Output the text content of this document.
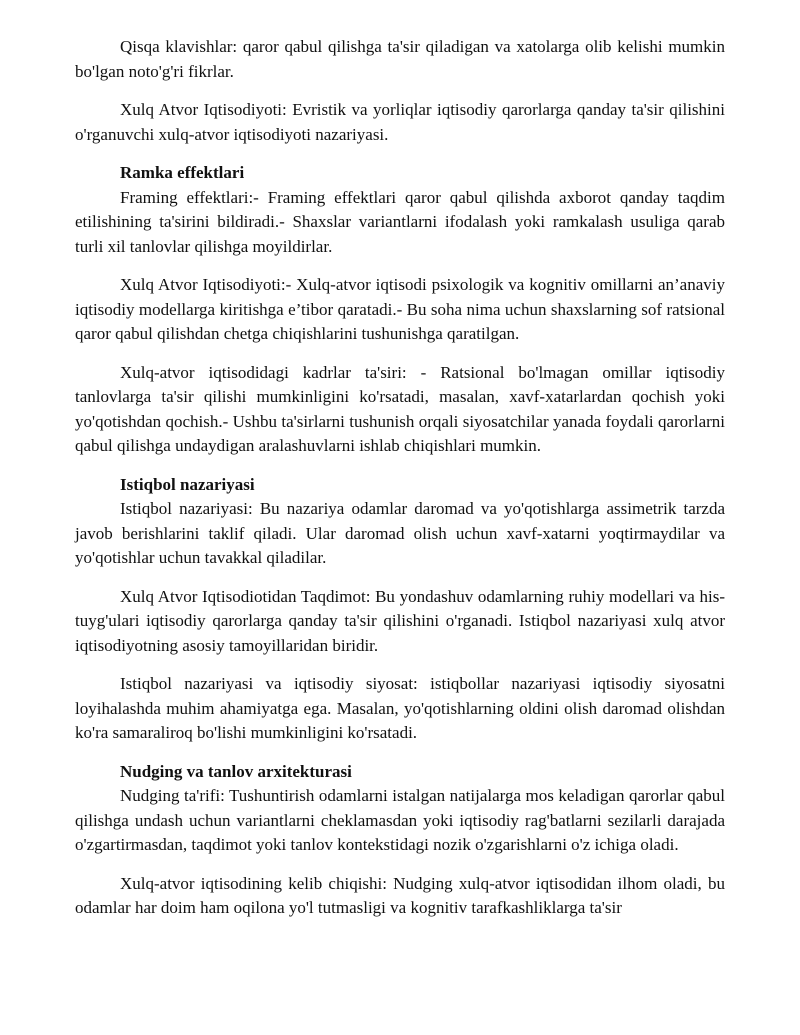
Qisqa klavishlar: qaror qabul qilishga ta'sir qiladigan va xatolarga olib kelishi mumkin bo'lgan noto'g'ri fikrlar.

Xulq Atvor Iqtisodiyoti: Evristik va yorliqlar iqtisodiy qarorlarga qanday ta'sir qilishini o'rganuvchi xulq-atvor iqtisodiyoti nazariyasi.

Ramka effektlari

Framing effektlari:- Framing effektlari qaror qabul qilishda axborot qanday taqdim etilishining ta'sirini bildiradi.- Shaxslar variantlarni ifodalash yoki ramkalash usuliga qarab turli xil tanlovlar qilishga moyildirlar.

Xulq Atvor Iqtisodiyoti:- Xulq-atvor iqtisodi psixologik va kognitiv omillarni an’anaviy iqtisodiy modellarga kiritishga e’tibor qaratadi.- Bu soha nima uchun shaxslarning sof ratsional qaror qabul qilishdan chetga chiqishlarini tushunishga qaratilgan.

Xulq-atvor iqtisodidagi kadrlar ta'siri: - Ratsional bo'lmagan omillar iqtisodiy tanlovlarga ta'sir qilishi mumkinligini ko'rsatadi, masalan, xavf-xatarlardan qochish yoki yo'qotishdan qochish.- Ushbu ta'sirlarni tushunish orqali siyosatchilar yanada foydali qarorlarni qabul qilishga undaydigan aralashuvlarni ishlab chiqishlari mumkin.

Istiqbol nazariyasi

Istiqbol nazariyasi: Bu nazariya odamlar daromad va yo'qotishlarga assimetrik tarzda javob berishlarini taklif qiladi. Ular daromad olish uchun xavf-xatarni yoqtirmaydilar va yo'qotishlar uchun tavakkal qiladilar.

Xulq Atvor Iqtisodiotidan Taqdimot: Bu yondashuv odamlarning ruhiy modellari va his-tuyg'ulari iqtisodiy qarorlarga qanday ta'sir qilishini o'rganadi. Istiqbol nazariyasi xulq atvor iqtisodiyotning asosiy tamoyillaridan biridir.

Istiqbol nazariyasi va iqtisodiy siyosat: istiqbollar nazariyasi iqtisodiy siyosatni loyihalashda muhim ahamiyatga ega. Masalan, yo'qotishlarning oldini olish daromad olishdan ko'ra samaraliroq bo'lishi mumkinligini ko'rsatadi.

Nudging va tanlov arxitekturasi

Nudging ta'rifi: Tushuntirish odamlarni istalgan natijalarga mos keladigan qarorlar qabul qilishga undash uchun variantlarni cheklamasdan yoki iqtisodiy rag'batlarni sezilarli darajada o'zgartirmasdan, taqdimot yoki tanlov kontekstidagi nozik o'zgarishlarni o'z ichiga oladi.

Xulq-atvor iqtisodining kelib chiqishi: Nudging xulq-atvor iqtisodidan ilhom oladi, bu odamlar har doim ham oqilona yo'l tutmasligi va kognitiv tarafkashliklarga ta'sir
